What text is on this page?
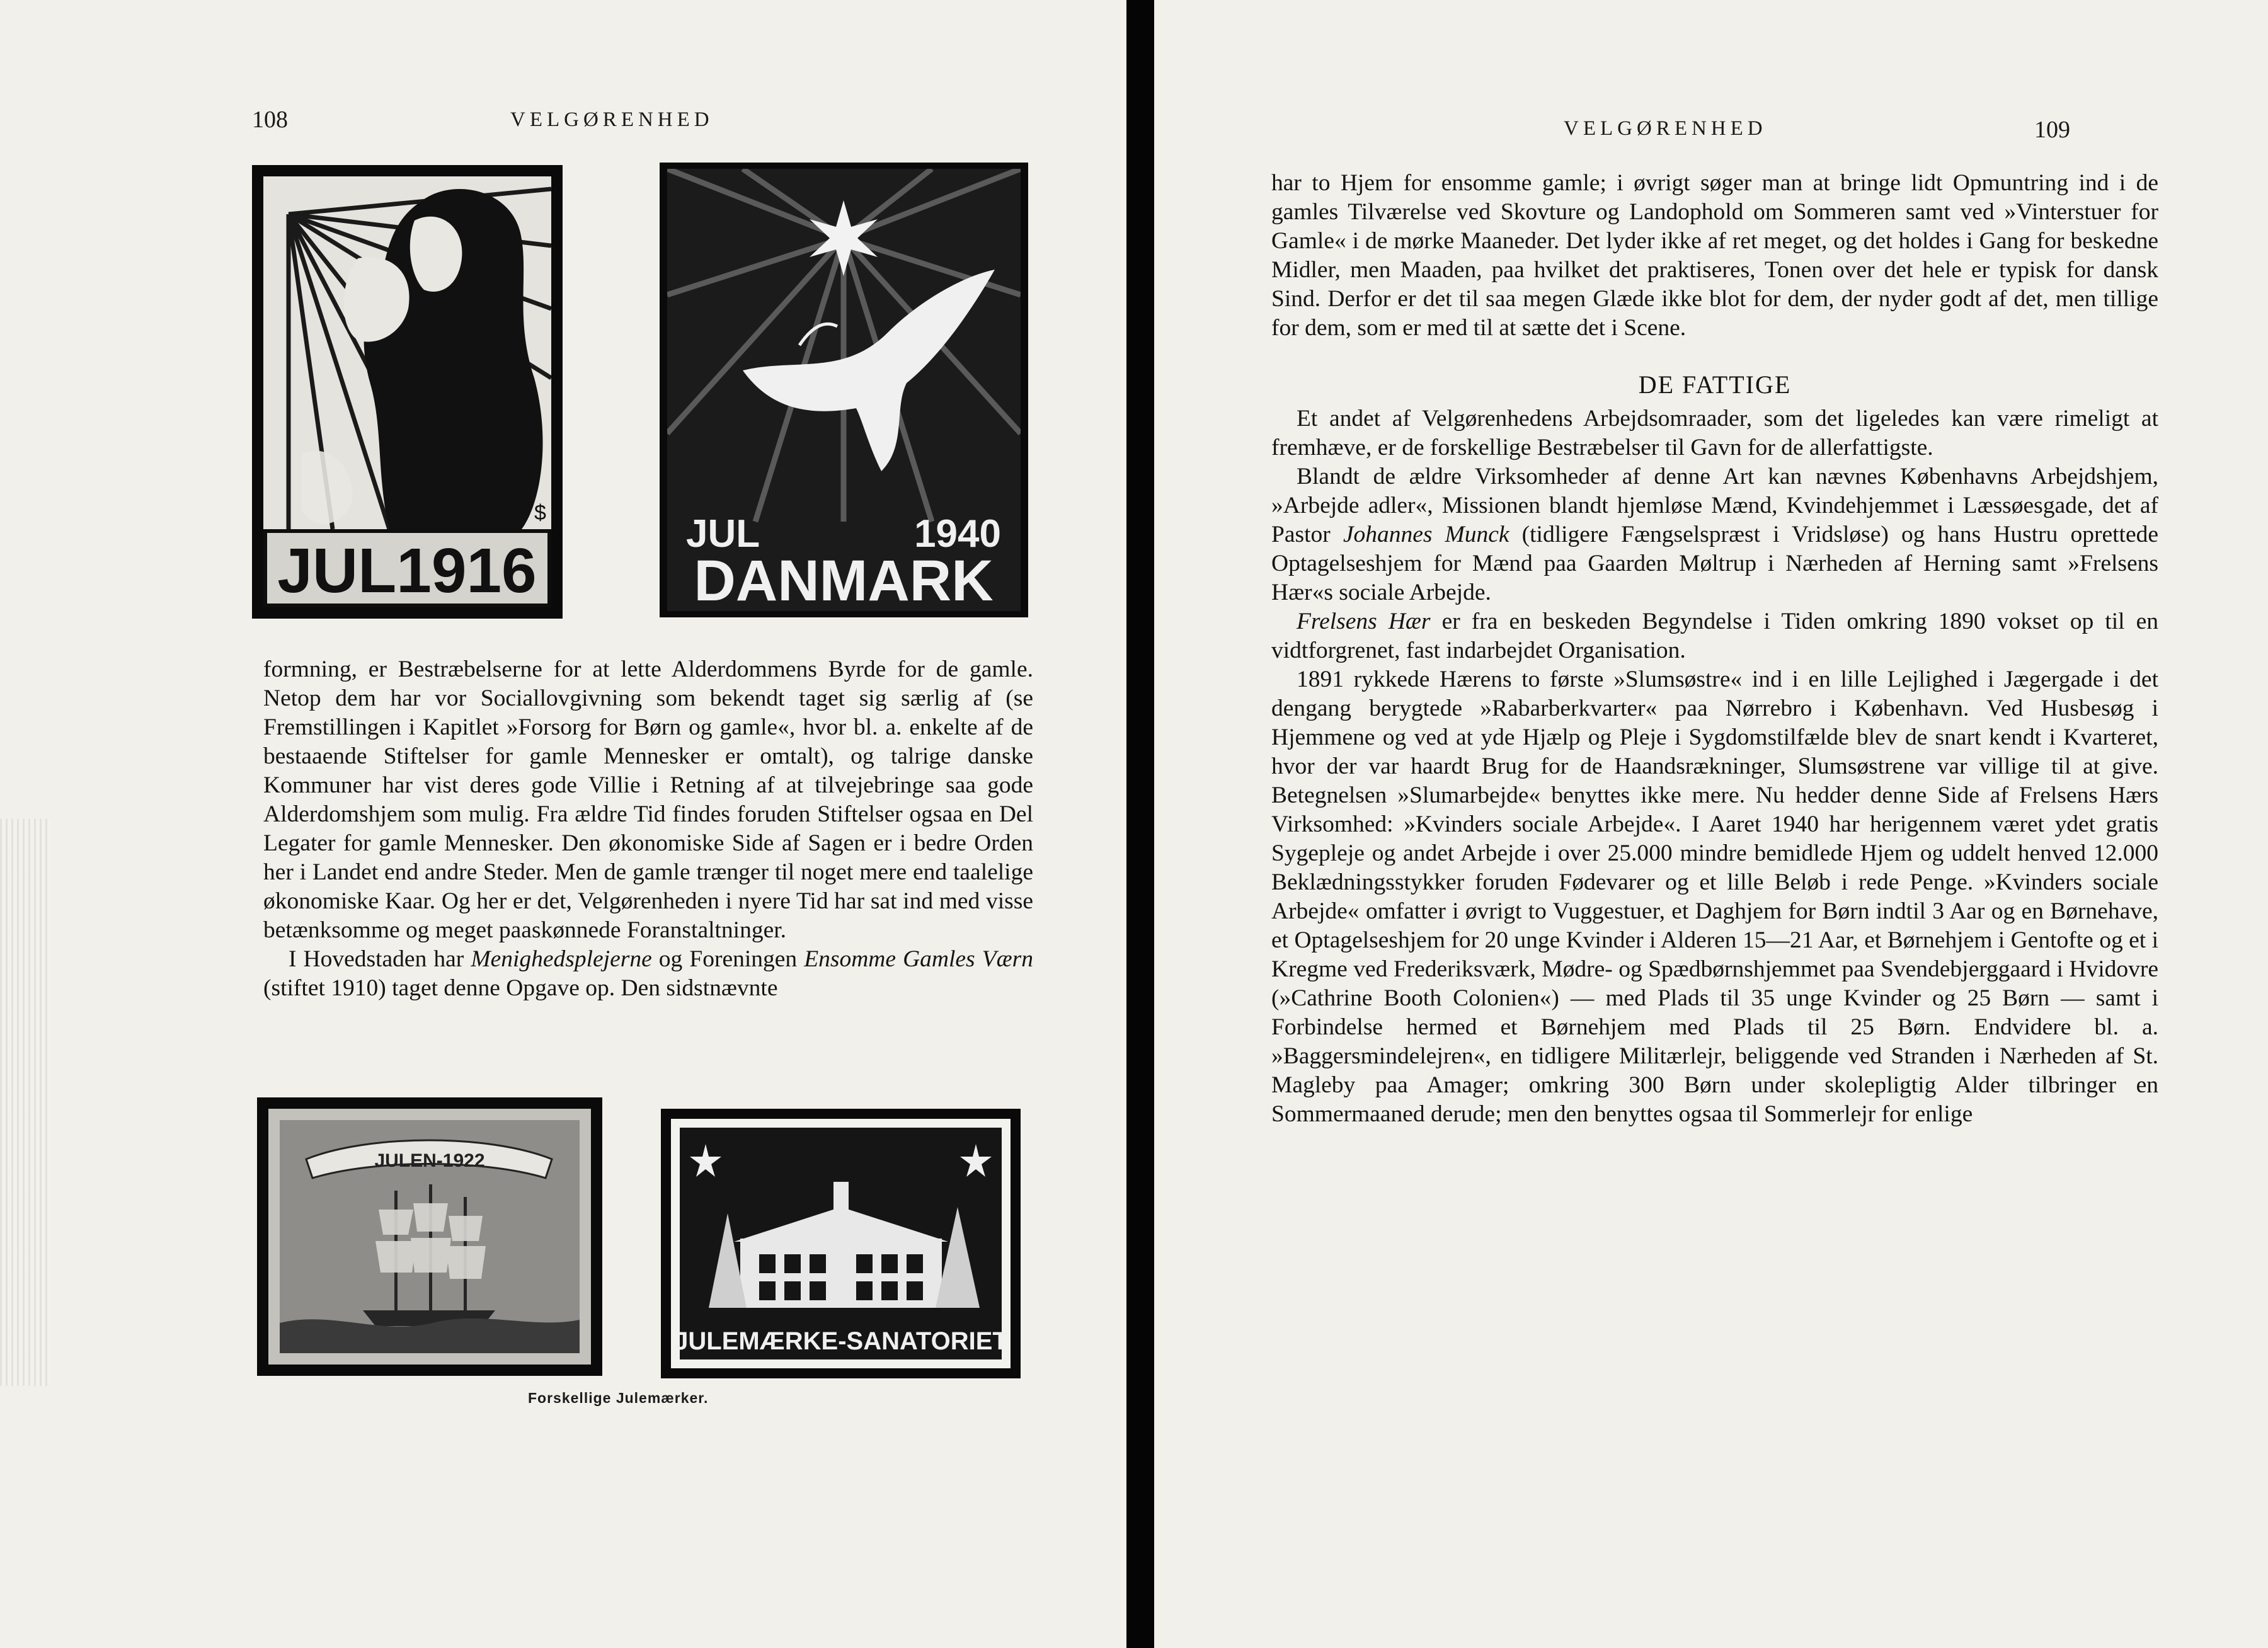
108	VELGØRENHED
JUL1916
$	JUL	1940
DANMARK

formning, er Bestræbelserne for at lette Alderdommens Byrde for de gamle. Netop dem har vor Sociallovgivning som bekendt taget sig særlig af (se Fremstillingen i Kapitlet »Forsorg for Børn og gamle«, hvor bl. a. enkelte af de bestaaende Stiftelser for gamle Mennesker er omtalt), og talrige danske Kommuner har vist deres gode Villie i Retning af at tilvejebringe saa gode Alderdomshjem som mulig. Fra ældre Tid findes foruden Stiftelser ogsaa en Del Legater for gamle Mennesker. Den økonomiske Side af Sagen er i bedre Orden her i Landet end andre Steder. Men de gamle trænger til noget mere end taalelige økonomiske Kaar. Og her er det, Velgørenheden i nyere Tid har sat ind med visse betænksomme og meget paaskønnede Foranstaltninger.

I Hovedstaden har Menighedsplejerne og Foreningen Ensomme Gamles Værn (stiftet 1910) taget denne Opgave op. Den sidstnævnte

JULEN-1922
JULEMÆRKE-SANATORIET
Forskellige Julemærker.
VELGØRENHED	109

har to Hjem for ensomme gamle; i øvrigt søger man at bringe lidt Opmuntring ind i de gamles Tilværelse ved Skovture og Landophold om Sommeren samt ved »Vinterstuer for Gamle« i de mørke Maaneder. Det lyder ikke af ret meget, og det holdes i Gang for beskedne Midler, men Maaden, paa hvilket det praktiseres, Tonen over det hele er typisk for dansk Sind. Derfor er det til saa megen Glæde ikke blot for dem, der nyder godt af det, men tillige for dem, som er med til at sætte det i Scene.

DE FATTIGE

Et andet af Velgørenhedens Arbejdsomraader, som det ligeledes kan være rimeligt at fremhæve, er de forskellige Bestræbelser til Gavn for de allerfattigste.

Blandt de ældre Virksomheder af denne Art kan nævnes Københavns Arbejdshjem, »Arbejde adler«, Missionen blandt hjemløse Mænd, Kvindehjemmet i Læssøesgade, det af Pastor Johannes Munck (tidligere Fængselspræst i Vridsløse) og hans Hustru oprettede Optagelseshjem for Mænd paa Gaarden Møltrup i Nærheden af Herning samt »Frelsens Hær«s sociale Arbejde.

Frelsens Hær er fra en beskeden Begyndelse i Tiden omkring 1890 vokset op til en vidtforgrenet, fast indarbejdet Organisation.

1891 rykkede Hærens to første »Slumsøstre« ind i en lille Lejlighed i Jægergade i det dengang berygtede »Rabarberkvarter« paa Nørrebro i København. Ved Husbesøg i Hjemmene og ved at yde Hjælp og Pleje i Sygdomstilfælde blev de snart kendt i Kvarteret, hvor der var haardt Brug for de Haandsrækninger, Slumsøstrene var villige til at give. Betegnelsen »Slumarbejde« benyttes ikke mere. Nu hedder denne Side af Frelsens Hærs Virksomhed: »Kvinders sociale Arbejde«. I Aaret 1940 har herigennem været ydet gratis Sygepleje og andet Arbejde i over 25.000 mindre bemidlede Hjem og uddelt henved 12.000 Beklædningsstykker foruden Fødevarer og et lille Beløb i rede Penge. »Kvinders sociale Arbejde« omfatter i øvrigt to Vuggestuer, et Daghjem for Børn indtil 3 Aar og en Børnehave, et Optagelseshjem for 20 unge Kvinder i Alderen 15—21 Aar, et Børnehjem i Gentofte og et i Kregme ved Frederiksværk, Mødre- og Spædbørnshjemmet paa Svendebjerggaard i Hvidovre (»Cathrine Booth Colonien«) — med Plads til 35 unge Kvinder og 25 Børn — samt i Forbindelse hermed et Børnehjem med Plads til 25 Børn. Endvidere bl. a. »Baggersmindelejren«, en tidligere Militærlejr, beliggende ved Stranden i Nærheden af St. Magleby paa Amager; omkring 300 Børn under skolepligtig Alder tilbringer en Sommermaaned derude; men den benyttes ogsaa til Sommerlejr for enlige
